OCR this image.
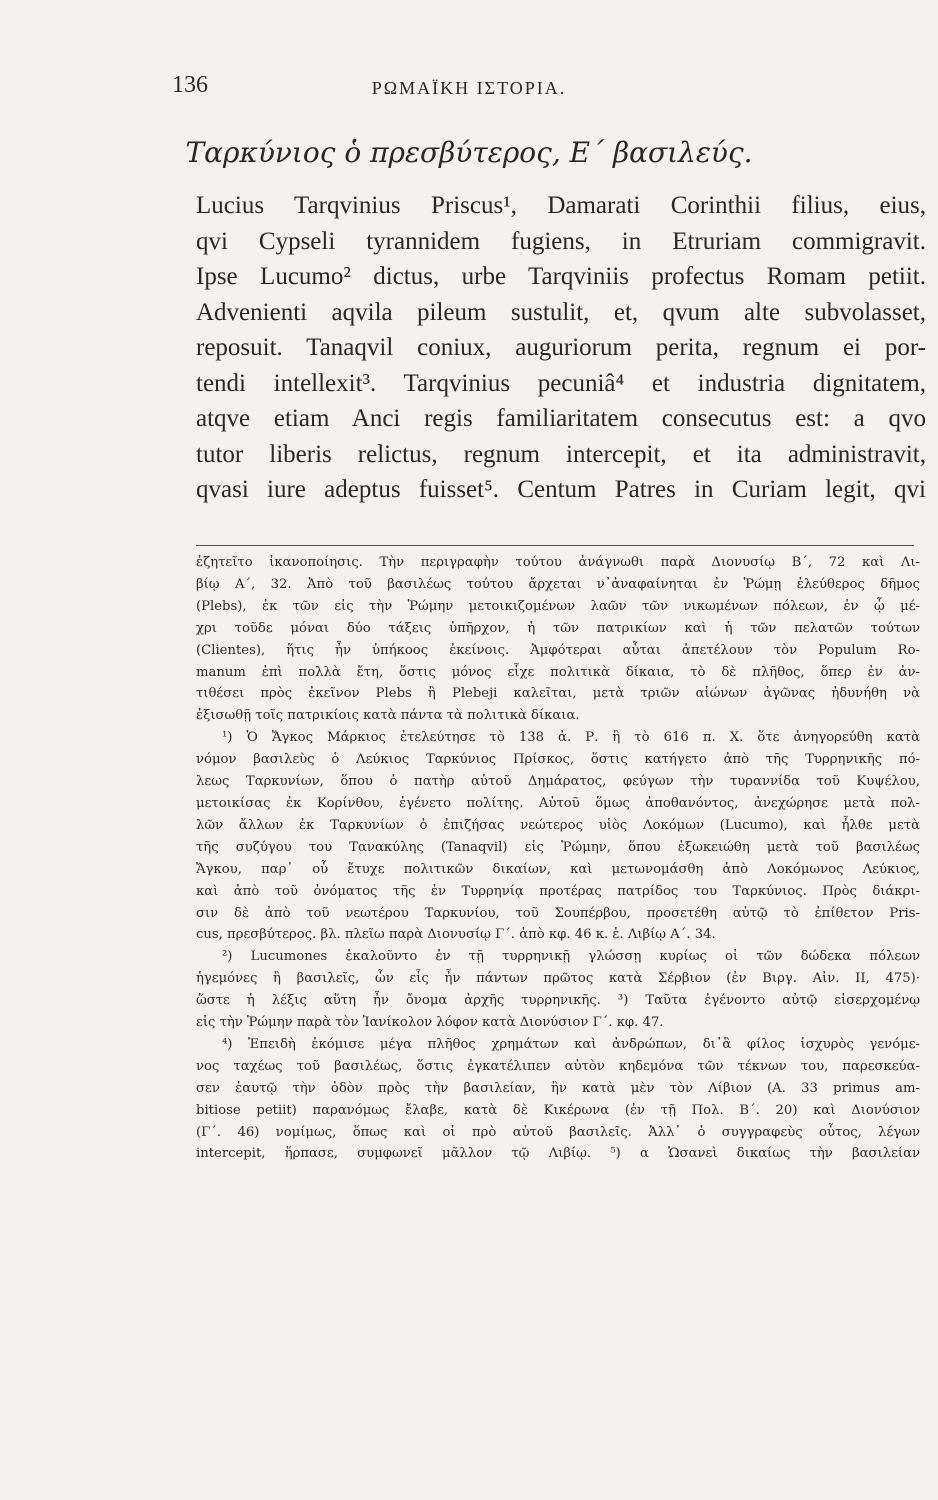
136	ΡΩΜΑΪΚΗ ΙΣΤΟΡΙΑ.
Ταρκύνιος ὁ πρεσβύτερος, Ε΄ βασιλεύς.
Lucius Tarqvinius Priscus¹, Damarati Corinthii filius, eius,
qvi Cypseli tyrannidem fugiens, in Etruriam commigravit.
Ipse Lucumo² dictus, urbe Tarqviniis profectus Romam petiit.
Advenienti aqvila pileum sustulit, et, qvum alte subvolasset,
reposuit. Tanaqvil coniux, auguriorum perita, regnum ei por-
tendi intellexit³. Tarqvinius pecuniâ⁴ et industria dignitatem,
atqve etiam Anci regis familiaritatem consecutus est: a qvo
tutor liberis relictus, regnum intercepit, et ita administravit,
qvasi iure adeptus fuisset⁵. Centum Patres in Curiam legit, qvi
ἐζητεῖτο ἱκανοποίησις. Τὴν περιγραφὴν τούτου ἀνάγνωθι παρὰ Διονυσίῳ Β΄, 72 καὶ Λι-
βίῳ Α΄, 32. Ἀπὸ τοῦ βασιλέως τούτου ἄρχεται ν᾽ἀναφαίνηται ἐν Ῥώμῃ ἐλεύθερος δῆμος
(Plebs), ἐκ τῶν εἰς τὴν Ῥώμην μετοικιζομένων λαῶν τῶν νικωμένων πόλεων, ἐν ᾧ μέ-
χρι τοῦδε μόναι δύο τάξεις ὑπῆρχον, ἡ τῶν πατρικίων καὶ ἡ τῶν πελατῶν τούτων
(Clientes), ἥτις ἦν ὑπήκοος ἐκείνοις. Ἀμφότεραι αὗται ἀπετέλουν τὸν Populum Ro-
manum ἐπὶ πολλὰ ἔτη, ὅστις μόνος εἶχε πολιτικὰ δίκαια, τὸ δὲ πλῆθος, ὅπερ ἐν ἀν-
τιθέσει πρὸς ἐκεῖνον Plebs ἢ Plebeji καλεῖται, μετὰ τριῶν αἰώνων ἀγῶνας ἠδυνήθη νὰ
ἐξισωθῇ τοῖς πατρικίοις κατὰ πάντα τὰ πολιτικὰ δίκαια.
¹) Ὁ Ἄγκος Μάρκιος ἐτελεύτησε τὸ 138 ἀ. Ρ. ἢ τὸ 616 π. Χ. ὅτε ἀνηγορεύθη κατὰ
νόμον βασιλεὺς ὁ Λεύκιος Ταρκύνιος Πρίσκος, ὅστις κατήγετο ἀπὸ τῆς Τυρρηνικῆς πό-
λεως Ταρκυνίων, ὅπου ὁ πατὴρ αὐτοῦ Δημάρατος, φεύγων τὴν τυραννίδα τοῦ Κυψέλου,
μετοικίσας ἐκ Κορίνθου, ἐγένετο πολίτης. Αὐτοῦ ὅμως ἀποθανόντος, ἀνεχώρησε μετὰ πολ-
λῶν ἄλλων ἐκ Ταρκυνίων ὁ ἐπιζήσας νεώτερος υἱὸς Λοκόμων (Lucumo), καὶ ἦλθε μετὰ
τῆς συζύγου του Τανακύλης (Tanaqvil) εἰς Ῥώμην, ὅπου ἐξωκειώθη μετὰ τοῦ βασιλέως
Ἄγκου, παρ᾽ οὗ ἔτυχε πολιτικῶν δικαίων, καὶ μετωνομάσθη ἀπὸ Λοκόμωνος Λεύκιος,
καὶ ἀπὸ τοῦ ὀνόματος τῆς ἐν Τυρρηνίᾳ προτέρας πατρίδος του Ταρκύνιος. Πρὸς διάκρι-
σιν δὲ ἀπὸ τοῦ νεωτέρου Ταρκυνίου, τοῦ Σουπέρβου, προσετέθη αὐτῷ τὸ ἐπίθετον Pris-
cus, πρεσβύτερος. βλ. πλεῖω παρὰ Διονυσίῳ Γ΄. ἀπὸ κφ. 46 κ. ἑ. Λιβίῳ Α΄. 34.
²) Lucumones ἐκαλοῦντο ἐν τῇ τυρρηνικῇ γλώσσῃ κυρίως οἱ τῶν δώδεκα πόλεων
ἡγεμόνες ἢ βασιλεῖς, ὧν εἷς ἦν πάντων πρῶτος κατὰ Σέρβιον (ἐν Βιργ. Αἰν. II, 475)·
ὥστε ἡ λέξις αὕτη ἦν ὄνομα ἀρχῆς τυρρηνικῆς. ³) Ταῦτα ἐγένοντο αὐτῷ εἰσερχομένῳ
εἰς τὴν Ῥώμην παρὰ τὸν Ἰανίκολον λόφον κατὰ Διονύσιον Γ΄. κφ. 47.
⁴) Ἐπειδὴ ἐκόμισε μέγα πλῆθος χρημάτων καὶ ἀνδρώπων, δι᾽ἃ φίλος ἰσχυρὸς γενόμε-
νος ταχέως τοῦ βασιλέως, ὅστις ἐγκατέλιπεν αὐτὸν κηδεμόνα τῶν τέκνων του, παρεσκεύα-
σεν ἑαυτῷ τὴν ὁδὸν πρὸς τὴν βασιλείαν, ἣν κατὰ μὲν τὸν Λίβιον (Α. 33 primus am-
bitiose petiit) παρανόμως ἔλαβε, κατὰ δὲ Κικέρωνα (ἐν τῇ Πολ. Β΄. 20) καὶ Διονύσιον
(Γ΄. 46) νομίμως, ὅπως καὶ οἱ πρὸ αὐτοῦ βασιλεῖς. Ἀλλ᾽ ὁ συγγραφεὺς οὗτος, λέγων
intercepit, ἥρπασε, συμφωνεῖ μᾶλλον τῷ Λιβίῳ. ⁵) α Ὡσανεὶ δικαίως τὴν βασιλείαν
